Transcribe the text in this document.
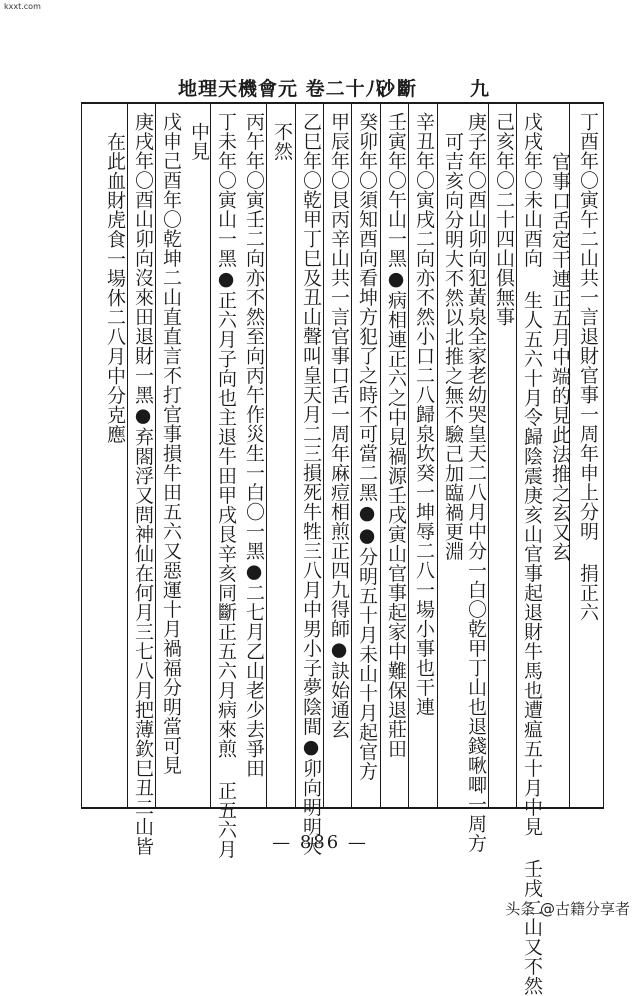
kxxt.com
地理天機會元 卷二十八
砂斷	九
丁酉年〇寅午二山共一言退財官事一周年申上分明 捐正六
官事口舌定干連正五月中端的見此法推之玄又玄
戊戌年〇未山酉向 生人五六十月令歸陰震庚亥山官事起退財牛馬也遭瘟五十月中見 壬戌二山又不然
己亥年〇二十四山俱無事
庚子年〇酉山卯向犯黃泉全家老幼哭皇天二八月中分一白〇乾甲丁山也退錢啾唧一周方
可吉亥向分明大不然以北推之無不驗己加臨禍更淵
辛丑年〇寅戌二向亦不然小口二八歸泉坎癸一坤辱二八一場小事也干連
壬寅年〇午山一黑●病相連正六之中見禍源壬戌寅山官事起家中難保退莊田
癸卯年〇須知酉向看坤方犯了之時不可當二黑●●分明五十月未山十月起官方
甲辰年〇艮丙辛山共一言官事口舌一周年麻痘相煎正四九得師●訣始通玄
乙巳年〇乾甲丁巳及丑山聲叫皇天月二三損死牛牲三八月中男小子夢陰間●卯向明明大
不然
丙午年〇寅壬二向亦不然至向丙午作災生一白〇一黑●二七月乙山老少去爭田
丁未年〇寅山一黑●正六月子向也主退牛田甲戌艮辛亥同斷正五六月病來煎 正五六月
中見
戊申己酉年〇乾坤二山直直言不打官事損牛田五六又惡運十月禍福分明當可見
庚戌年〇酉山卯向沒來田退財一黑●弃閤浮又問神仙在何月三七八月把薄欽巳丑二山皆
在此血財虎食一場休二八月中分克應
— 886 —
头条 @古籍分享者
